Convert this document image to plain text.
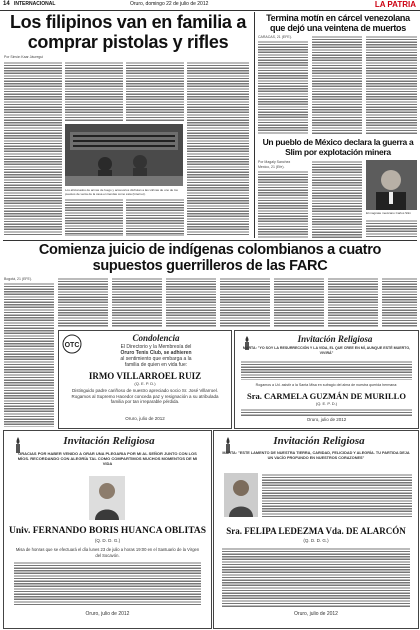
14 INTERNACIONAL	Oruro, domingo 22 de julio de 2012	LA PATRIA
Los filipinos van en familia a comprar pistolas y rifles
Por Simón Kaar Jáuregui
Los aficionados de armas de fuego y accesorios disfrutan a las vitrinas de uno de los puestos de venta de la casa en tiendas como ésta (Internet).
Termina motín en cárcel venezolana que dejó una veintena de muertos
CARACAS, 21 (EFE).
Un pueblo de México declara la guerra a Slim por explotación minera
Por Magaly Sanchez
Mexico, 21 (Efe).
El magnate mexicano Carlos Slim
Comienza juicio de indígenas colombianos a cuatro supuestos guerrilleros de las FARC
Bogotá, 21 (EFE).
OTC
Condolencia
El Directorio y la Membresía del
Oruro Tenis Club, se adhieren
al sentimiento que embarga a la
familia de quien en vida fue:
IRMO VILLARROEL RUIZ
(Q. E. P. D.)
Distinguido padre cariñoso de nuestro apreciado socio Sr. José Villarroel. Rogamos al Supremo Hacedor conceda paz y resignación a su atribulada familia por tan irreparable pérdida.
Oruro, julio de 2012
Invitación Religiosa
MARTA: "YO SOY LA RESURRECCIÓN Y LA VIDA, EL QUE CREE EN MÍ, AUNQUE ESTÉ MUERTO, VIVIRÁ"
Rogamos a Ud. asistir a la Santa Misa en sufragio del alma de nuestra querida hermana:
Sra. CARMELA GUZMÁN DE MURILLO
(Q. E. P. D.)
Oruro, julio de 2012
Invitación Religiosa
GRACIAS POR HABER VENIDO A ORAR UNA PLEGARIA POR MI AL SEÑOR JUNTO CON LOS MÍOS. RECORDANDO CON ALEGRÍA TAL COMO COMPARTIMOS MUCHOS MOMENTOS DE MI VIDA
Univ. FERNANDO BORIS HUANCA OBLITAS
(Q. D. D. G.)
Misa de honras que se efectuará el día lunes 23 de julio a horas 19:00 en el Santuario de la Virgen del Socavón.
Oruro, julio de 2012
Invitación Religiosa
MARTA: "ESTE LAMENTO DE NUESTRA TIERRA, CARIDAD, FELICIDAD Y ALEGRÍA. TU PARTIDA DEJA UN VACÍO PROFUNDO EN NUESTROS CORAZONES"
Sra. FELIPA LEDEZMA Vda. DE ALARCÓN
(Q. D. D. G.)
Oruro, julio de 2012
